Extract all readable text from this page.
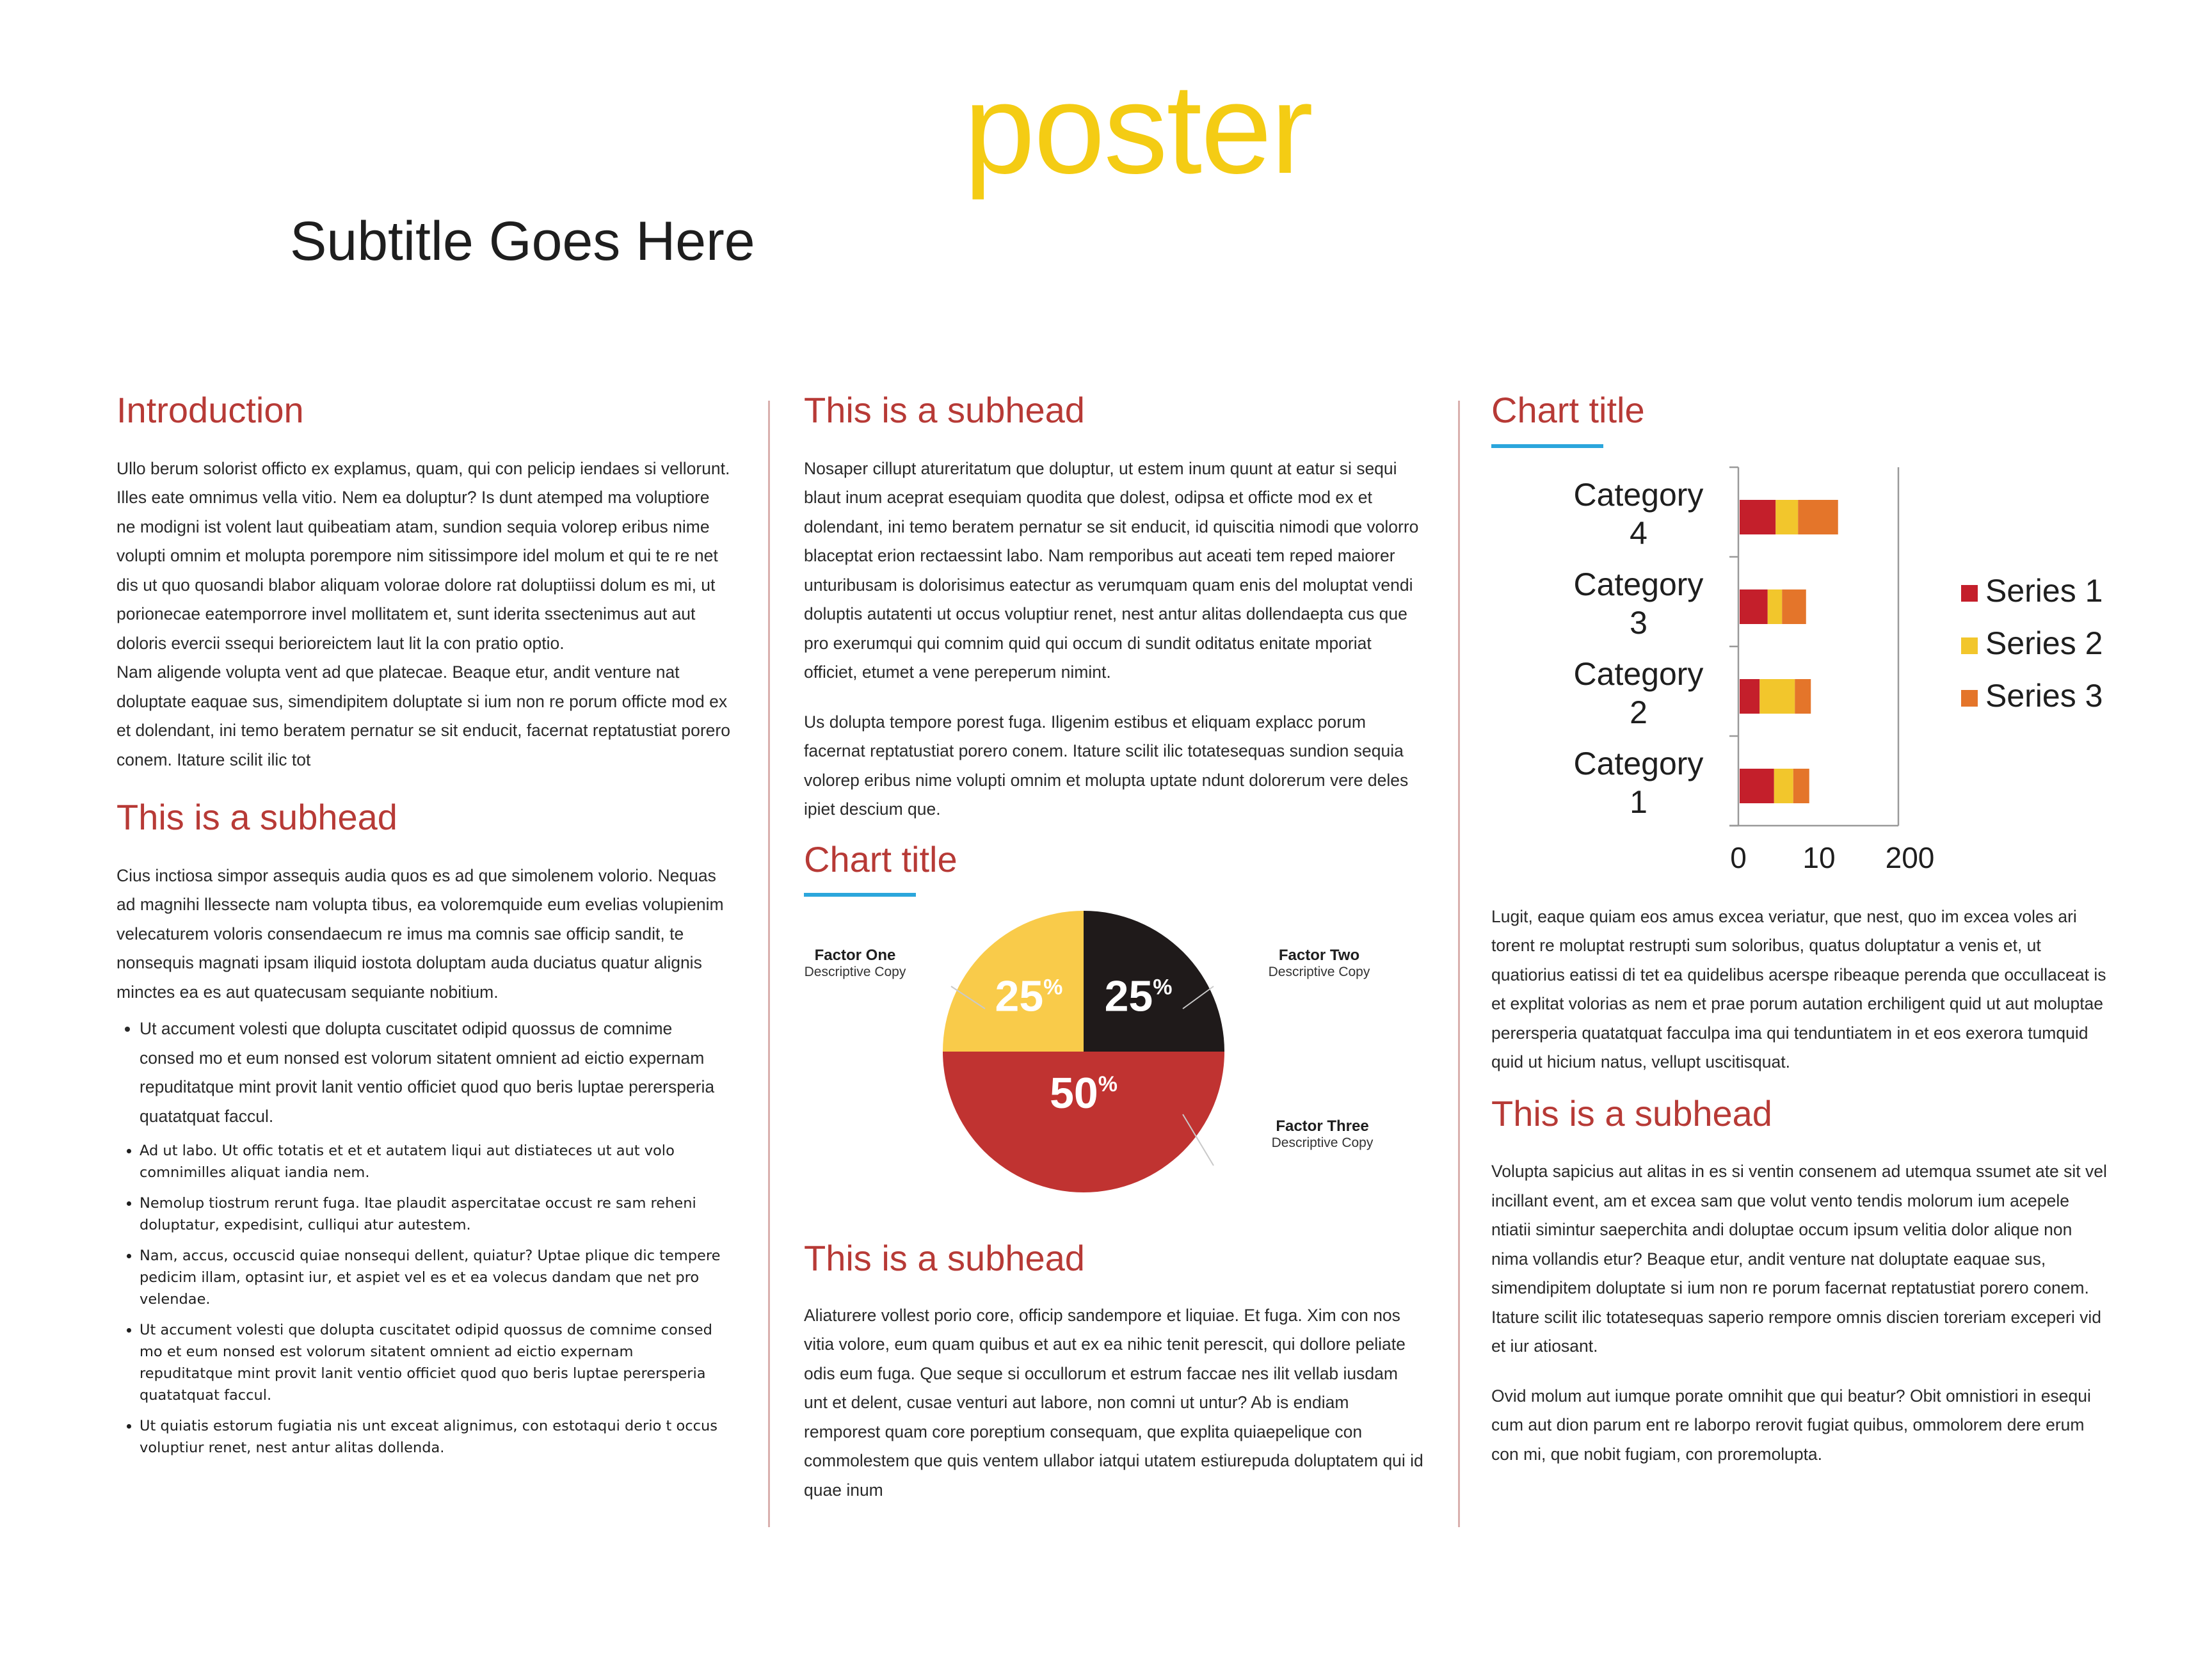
poster
Subtitle Goes Here
Introduction

Ullo berum solorist officto ex explamus, quam, qui con pelicip iendaes si vellorunt. Illes eate omnimus vella vitio. Nem ea doluptur? Is dunt atemped ma voluptiore ne modigni ist volent laut quibeatiam atam, sundion sequia volorep eribus nime volupti omnim et molupta porempore nim sitissimpore idel molum et qui te re net dis ut quo quosandi blabor aliquam volorae dolore rat doluptiissi dolum es mi, ut porionecae eatemporrore invel mollitatem et, sunt iderita ssectenimus aut aut doloris evercii ssequi berioreictem laut lit la con pratio optio.

Nam aligende volupta vent ad que platecae. Beaque etur, andit venture nat doluptate eaquae sus, simendipitem doluptate si ium non re porum officte mod ex et dolendant, ini temo beratem pernatur se sit enducit, facernat reptatustiat porero conem. Itature scilit ilic tot

This is a subhead

Cius inctiosa simpor assequis audia quos es ad que simolenem volorio. Nequas ad magnihi llessecte nam volupta tibus, ea voloremquide eum evelias volupienim velecaturem voloris consendaecum re imus ma comnis sae officip sandit, te nonsequis magnati ipsam iliquid iostota doluptam auda duciatus quatur alignis minctes ea es aut quatecusam sequiante nobitium.

• Ut accument volesti que dolupta cuscitatet odipid quossus de comnime consed mo et eum nonsed est volorum sitatent omnient ad eictio expernam repuditatque mint provit lanit ventio officiet quod quo beris luptae perersperia quatatquat faccul.
• Ad ut labo. Ut offic totatis et et et autatem liqui aut distiateces ut aut volo comnimilles aliquat iandia nem.
• Nemolup tiostrum rerunt fuga. Itae plaudit aspercitatae occust re sam reheni doluptatur, expedisint, culliqui atur autestem.
• Nam, accus, occuscid quiae nonsequi dellent, quiatur? Uptae plique dic tempere pedicim illam, optasint iur, et aspiet vel es et ea volecus dandam que net pro velendae.
• Ut accument volesti que dolupta cuscitatet odipid quossus de comnime consed mo et eum nonsed est volorum sitatent omnient ad eictio expernam repuditatque mint provit lanit ventio officiet quod quo beris luptae perersperia quatatquat faccul.
• Ut quiatis estorum fugiatia nis unt exceat alignimus, con estotaqui derio t occus voluptiur renet, nest antur alitas dollenda.
This is a subhead

Nosaper cillupt atureritatum que doluptur, ut estem inum quunt at eatur si sequi blaut inum aceprat esequiam quodita que dolest, odipsa et officte mod ex et dolendant, ini temo beratem pernatur se sit enducit, id quiscitia nimodi que volorro blaceptat erion rectaessint labo. Nam remporibus aut aceati tem reped maiorer unturibusam is dolorisimus eatectur as verumquam quam enis del moluptat vendi doluptis autatenti ut occus voluptiur renet, nest antur alitas dollendaepta cus que pro exerumqui qui comnim quid qui occum di sundit oditatus enitate mporiat officiet, etumet a vene pereperum nimint.

Us dolupta tempore porest fuga. Iligenim estibus et eliquam explacc porum facernat reptatustiat porero conem. Itature scilit ilic totatesequas sundion sequia volorep eribus nime volupti omnim et molupta uptate ndunt dolorerum vere deles ipiet descium que.

Chart title
25%
50%
25%
Factor One
Descriptive Copy
Factor Two
Descriptive Copy
Factor Three
Descriptive Copy
This is a subhead

Aliaturere vollest porio core, officip sandempore et liquiae. Et fuga. Xim con nos vitia volore, eum quam quibus et aut ex ea nihic tenit perescit, qui dollore peliate odis eum fuga. Que seque si occullorum et estrum faccae nes ilit vellab iusdam unt et delent, cusae venturi aut labore, non comni ut untur? Ab is endiam remporest quam core poreptium consequam, que explita quiaepelique con commolestem que quis ventem ullabor iatqui utatem estiurepuda doluptatem qui id quae inum

Chart title
Category 1
Category 2
Category 3
Category 4
0 10 200
Series 1
Series 2
Series 3

Lugit, eaque quiam eos amus excea veriatur, que nest, quo im excea voles ari torent re moluptat restrupti sum soloribus, quatus doluptatur a venis et, ut quatiorius eatissi di tet ea quidelibus acerspe ribeaque perenda que occullaceat is et explitat volorias as nem et prae porum autation erchiligent quid ut aut moluptae perersperia quatatquat facculpa ima qui tenduntiatem in et eos exerora tumquid quid ut hicium natus, vellupt uscitisquat.

This is a subhead

Volupta sapicius aut alitas in es si ventin consenem ad utemqua ssumet ate sit vel incillant event, am et excea sam que volut vento tendis molorum ium acepele ntiatii simintur saeperchita andi doluptae occum ipsum velitia dolor alique non nima vollandis etur? Beaque etur, andit venture nat doluptate eaquae sus, simendipitem doluptate si ium non re porum facernat reptatustiat porero conem. Itature scilit ilic totatesequas saperio rempore omnis discien toreriam exceperi vid et iur atiosant.

Ovid molum aut iumque porate omnihit que qui beatur? Obit omnistiori in esequi cum aut dion parum ent re laborpo rerovit fugiat quibus, ommolorem dere erum con mi, que nobit fugiam, con proremolupta.
